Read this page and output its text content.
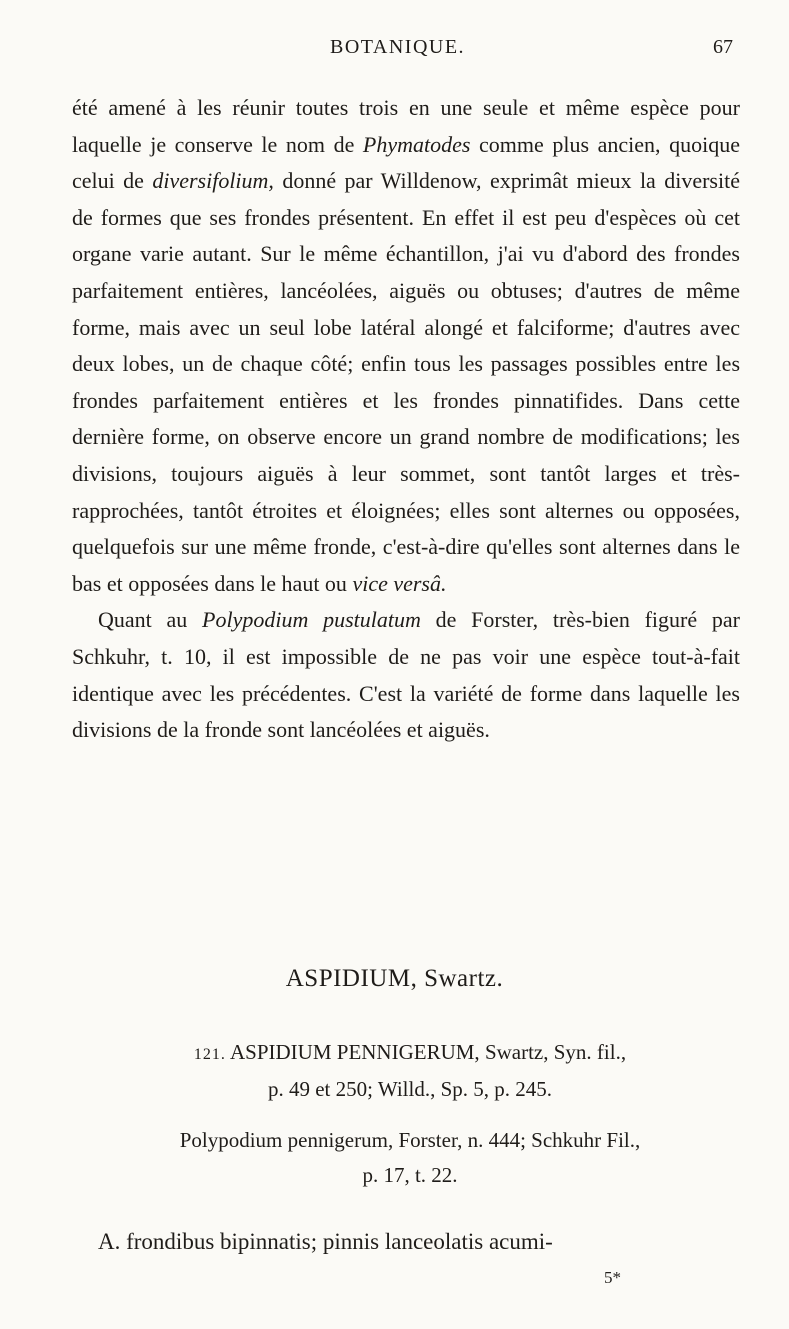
BOTANIQUE.	67

été amené à les réunir toutes trois en une seule et même espèce pour laquelle je conserve le nom de Phymatodes comme plus ancien, quoique celui de diversifolium, donné par Willdenow, exprimât mieux la diversité de formes que ses frondes présentent. En effet il est peu d'espèces où cet organe varie autant. Sur le même échantillon, j'ai vu d'abord des frondes parfaitement entières, lancéolées, aiguës ou obtuses; d'autres de même forme, mais avec un seul lobe latéral alongé et falciforme; d'autres avec deux lobes, un de chaque côté; enfin tous les passages possibles entre les frondes parfaitement entières et les frondes pinnatifides. Dans cette dernière forme, on observe encore un grand nombre de modifications; les divisions, toujours aiguës à leur sommet, sont tantôt larges et très-rapprochées, tantôt étroites et éloignées; elles sont alternes ou opposées, quelquefois sur une même fronde, c'est-à-dire qu'elles sont alternes dans le bas et opposées dans le haut ou vice versâ.

Quant au Polypodium pustulatum de Forster, très-bien figuré par Schkuhr, t. 10, il est impossible de ne pas voir une espèce tout-à-fait identique avec les précédentes. C'est la variété de forme dans laquelle les divisions de la fronde sont lancéolées et aiguës.

ASPIDIUM, Swartz.
121. ASPIDIUM PENNIGERUM, Swartz, Syn. fil.,
p. 49 et 250; Willd., Sp. 5, p. 245.
Polypodium pennigerum, Forster, n. 444; Schkuhr Fil.,
p. 17, t. 22.
A. frondibus bipinnatis; pinnis lanceolatis acumi-
5*
